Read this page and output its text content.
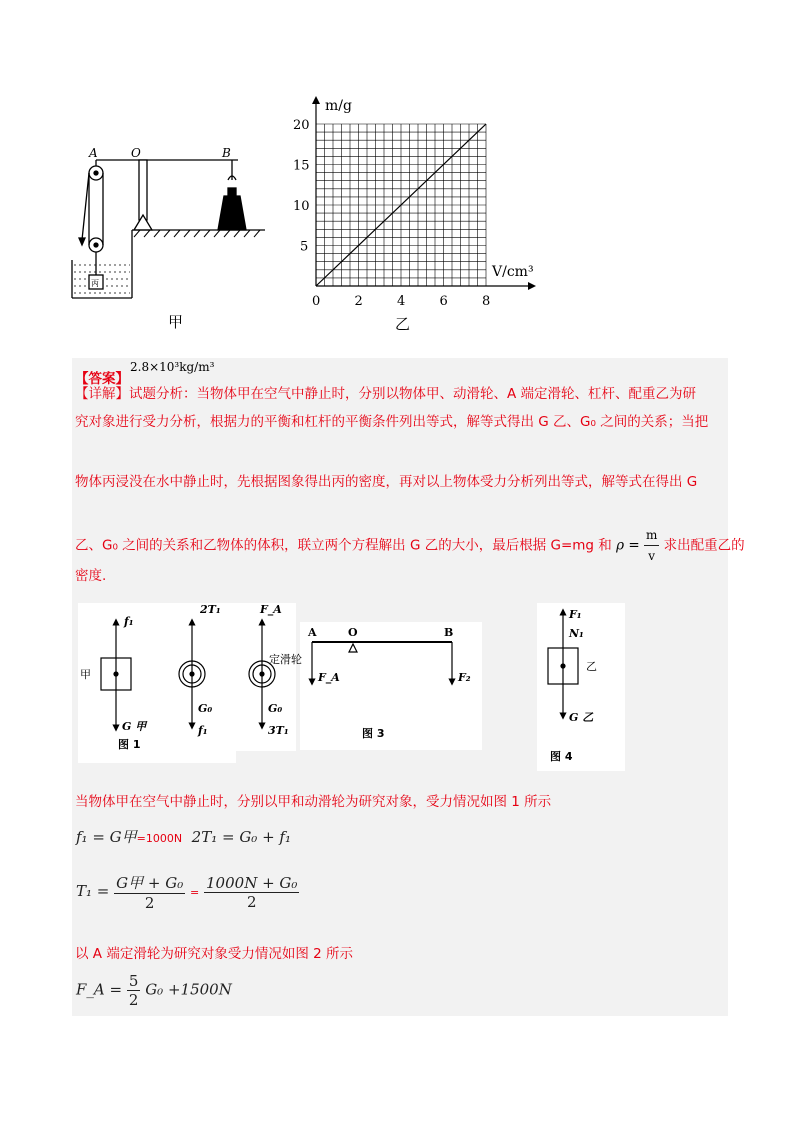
A	O	B
丙
0	2	4	6	8
5
10
15
20
m/g
V/cm³
甲	乙
【答案】
2.8×10³kg/m³
【详解】试题分析：当物体甲在空气中静止时，分别以物体甲、动滑轮、A 端定滑轮、杠杆、配重乙为研
究对象进行受力分析，根据力的平衡和杠杆的平衡条件列出等式，解等式得出 G 乙、G₀ 之间的关系；当把
物体丙浸没在水中静止时，先根据图象得出丙的密度，再对以上物体受力分析列出等式，解等式在得出 G
乙、G₀ 之间的关系和乙物体的体积，联立两个方程解出 G 乙的大小，最后根据 G=mg 和 $\rho = \frac{m}{v}$ 求出配重乙的
密度.
f₁
甲
G 甲
2T₁
G₀
f₁
F_A
G₀
3T₁
定滑轮
A	O	B
F_A	F₂
F₁
N₁
乙
G 乙
图 1
图 3
图 4
当物体甲在空气中静止时，分别以甲和动滑轮为研究对象，受力情况如图 1 所示
f₁ = G甲=1000N 2T₁ = G₀ + f₁
$T_1 = \frac{\text{G甲 + G₀}}{2} = \frac{\text{1000N + G₀}}{2}$
以 A 端定滑轮为研究对象受力情况如图 2 所示
F_A = $\frac{5}{2} G_0 +1500N$
